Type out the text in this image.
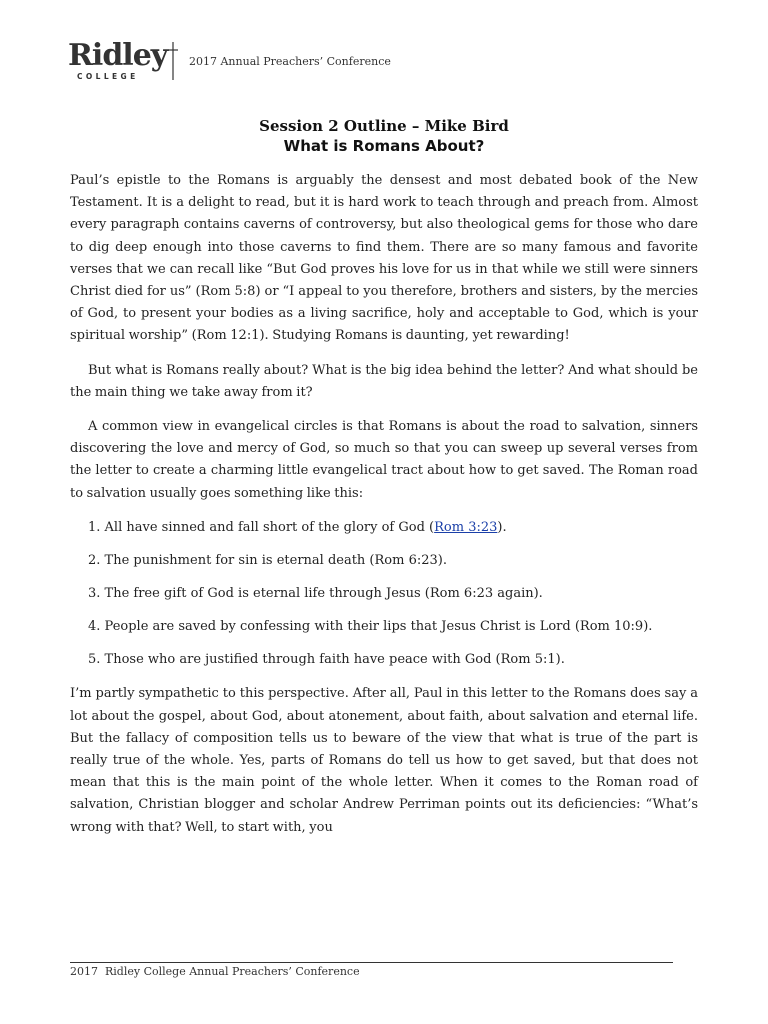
Ridley
COLLEGE
2017 Annual Preachers’ Conference
Session 2 Outline – Mike Bird
What is Romans About?

Paul’s epistle to the Romans is arguably the densest and most debated book of the New Testament. It is a delight to read, but it is hard work to teach through and preach from. Almost every paragraph contains caverns of controversy, but also theological gems for those who dare to dig deep enough into those caverns to find them. There are so many famous and favorite verses that we can recall like “But God proves his love for us in that while we still were sinners Christ died for us” (Rom 5:8) or “I appeal to you therefore, brothers and sisters, by the mercies of God, to present your bodies as a living sacrifice, holy and acceptable to God, which is your spiritual worship” (Rom 12:1). Studying Romans is daunting, yet rewarding!

But what is Romans really about? What is the big idea behind the letter? And what should be the main thing we take away from it?

A common view in evangelical circles is that Romans is about the road to salvation, sinners discovering the love and mercy of God, so much so that you can sweep up several verses from the letter to create a charming little evangelical tract about how to get saved. The Roman road to salvation usually goes something like this:

1. All have sinned and fall short of the glory of God (Rom 3:23).
2. The punishment for sin is eternal death (Rom 6:23).
3. The free gift of God is eternal life through Jesus (Rom 6:23 again).
4. People are saved by confessing with their lips that Jesus Christ is Lord (Rom 10:9).
5. Those who are justified through faith have peace with God (Rom 5:1).

I’m partly sympathetic to this perspective. After all, Paul in this letter to the Romans does say a lot about the gospel, about God, about atonement, about faith, about salvation and eternal life. But the fallacy of composition tells us to beware of the view that what is true of the part is really true of the whole. Yes, parts of Romans do tell us how to get saved, but that does not mean that this is the main point of the whole letter. When it comes to the Roman road of salvation, Christian blogger and scholar Andrew Perriman points out its deficiencies: “What’s wrong with that? Well, to start with, you

2017  Ridley College Annual Preachers’ Conference
